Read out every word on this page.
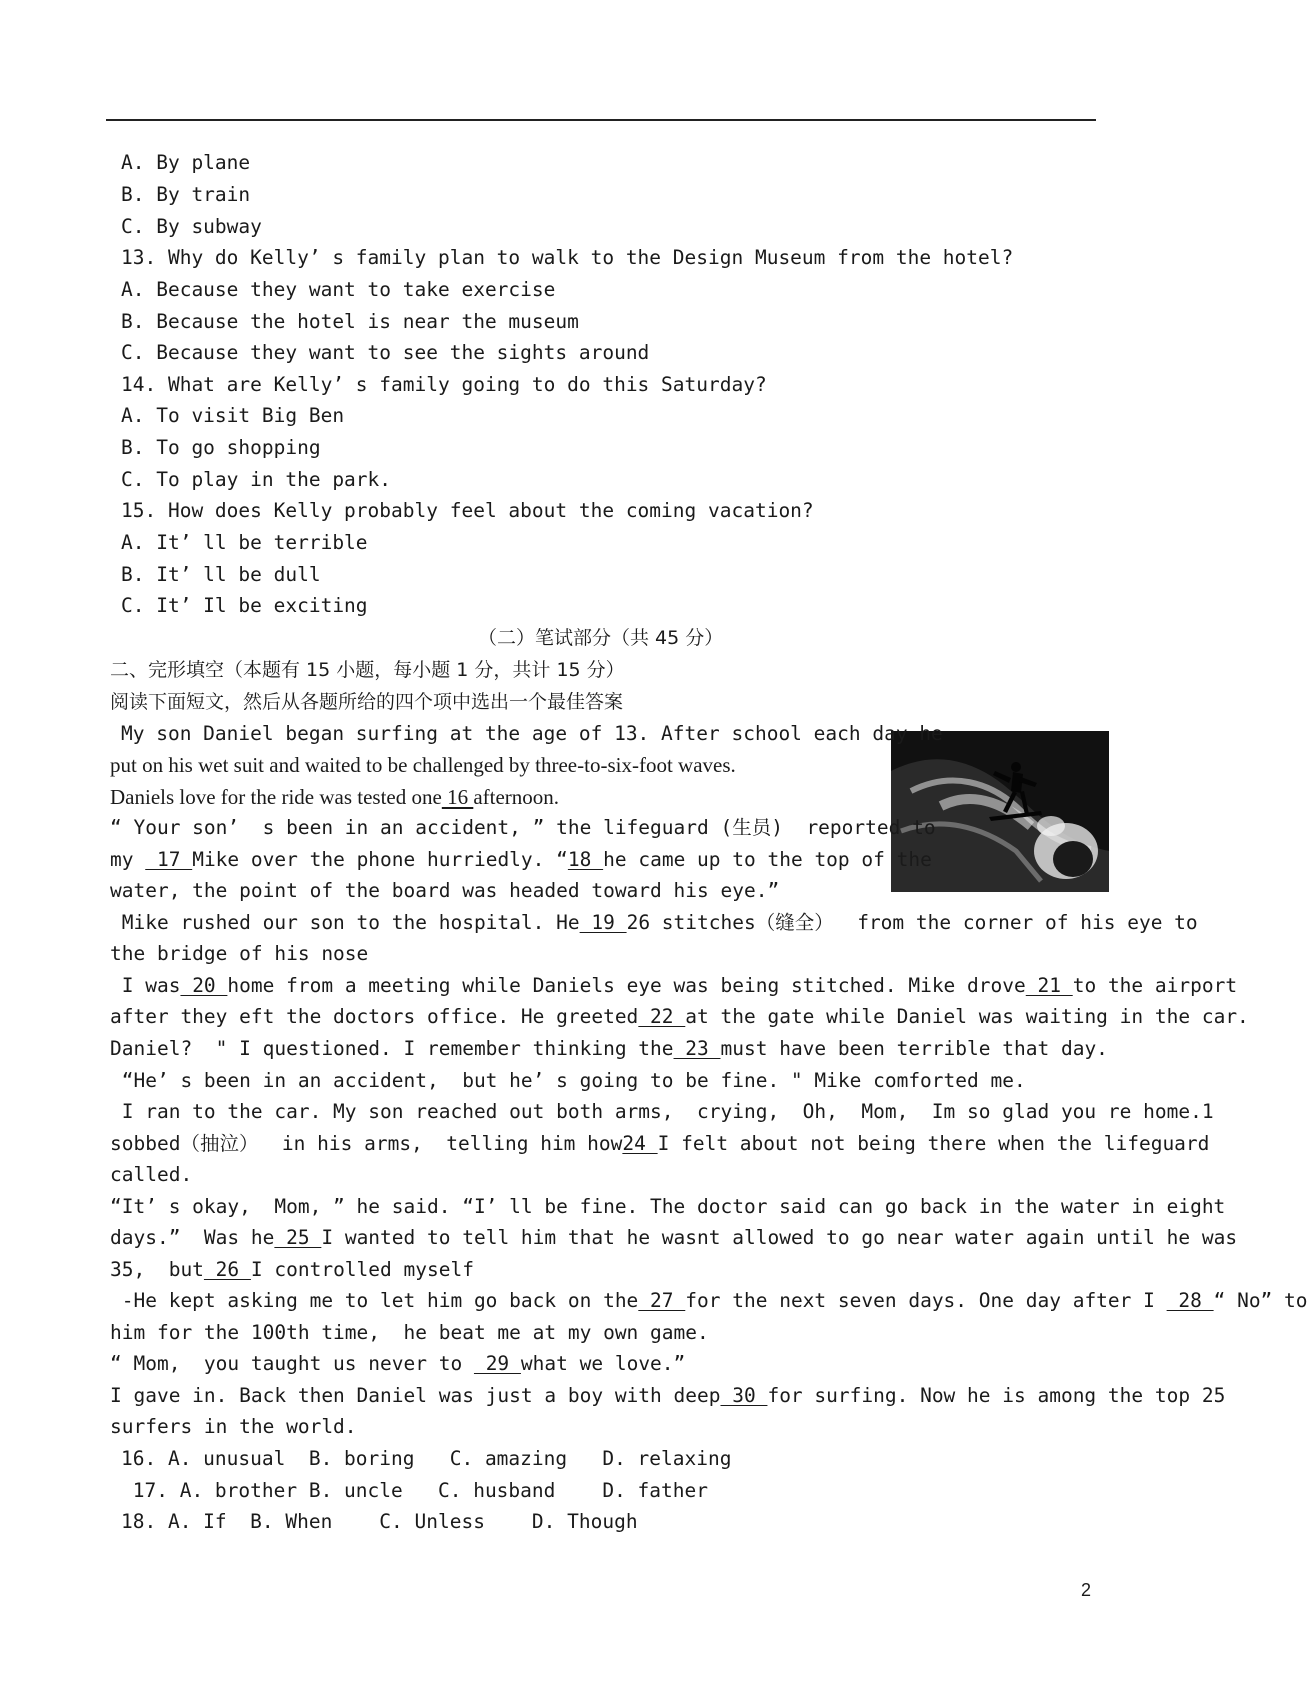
A. By plane
B. By train
C. By subway
13. Why do Kelly’ s family plan to walk to the Design Museum from the hotel?
A. Because they want to take exercise
B. Because the hotel is near the museum
C. Because they want to see the sights around
14. What are Kelly’ s family going to do this Saturday?
A. To visit Big Ben
B. To go shopping
C. To play in the park.
15. How does Kelly probably feel about the coming vacation?
A. It’ ll be terrible
B. It’ ll be dull
C. It’ Il be exciting
（二）笔试部分（共 45 分）
二、完形填空（本题有 15 小题，每小题 1 分，共计 15 分）
阅读下面短文，然后从各题所给的四个项中选出一个最佳答案
My son Daniel began surfing at the age of 13. After school each day he
put on his wet suit and waited to be challenged by three-to-six-foot waves.
Daniels love for the ride was tested one 16 afternoon.
“ Your son’  s been in an accident, ” the lifeguard (生员)  reported to
my  17 Mike over the phone hurriedly. “18 he came up to the top of the
water, the point of the board was headed toward his eye.”
Mike rushed our son to the hospital. He 19 26 stitches（缝全）  from the corner of his eye to
the bridge of his nose
I was 20 home from a meeting while Daniels eye was being stitched. Mike drove 21 to the airport
after they eft the doctors office. He greeted 22 at the gate while Daniel was waiting in the car.
Daniel?  " I questioned. I remember thinking the 23 must have been terrible that day.
“He’ s been in an accident,  but he’ s going to be fine. " Mike comforted me.
I ran to the car. My son reached out both arms,  crying,  Oh,  Mom,  Im so glad you re home.1
sobbed（抽泣）  in his arms,  telling him how24 I felt about not being there when the lifeguard
called.
“It’ s okay,  Mom, ” he said. “I’ ll be fine. The doctor said can go back in the water in eight
days.”  Was he 25 I wanted to tell him that he wasnt allowed to go near water again until he was
35,  but 26 I controlled myself
-He kept asking me to let him go back on the 27 for the next seven days. One day after I  28 “ No” to
him for the 100th time,  he beat me at my own game.
“ Mom,  you taught us never to  29 what we love.”
I gave in. Back then Daniel was just a boy with deep 30 for surfing. Now he is among the top 25
surfers in the world.
16. A. unusual  B. boring   C. amazing   D. relaxing
17. A. brother B. uncle   C. husband    D. father
18. A. If  B. When    C. Unless    D. Though
2
